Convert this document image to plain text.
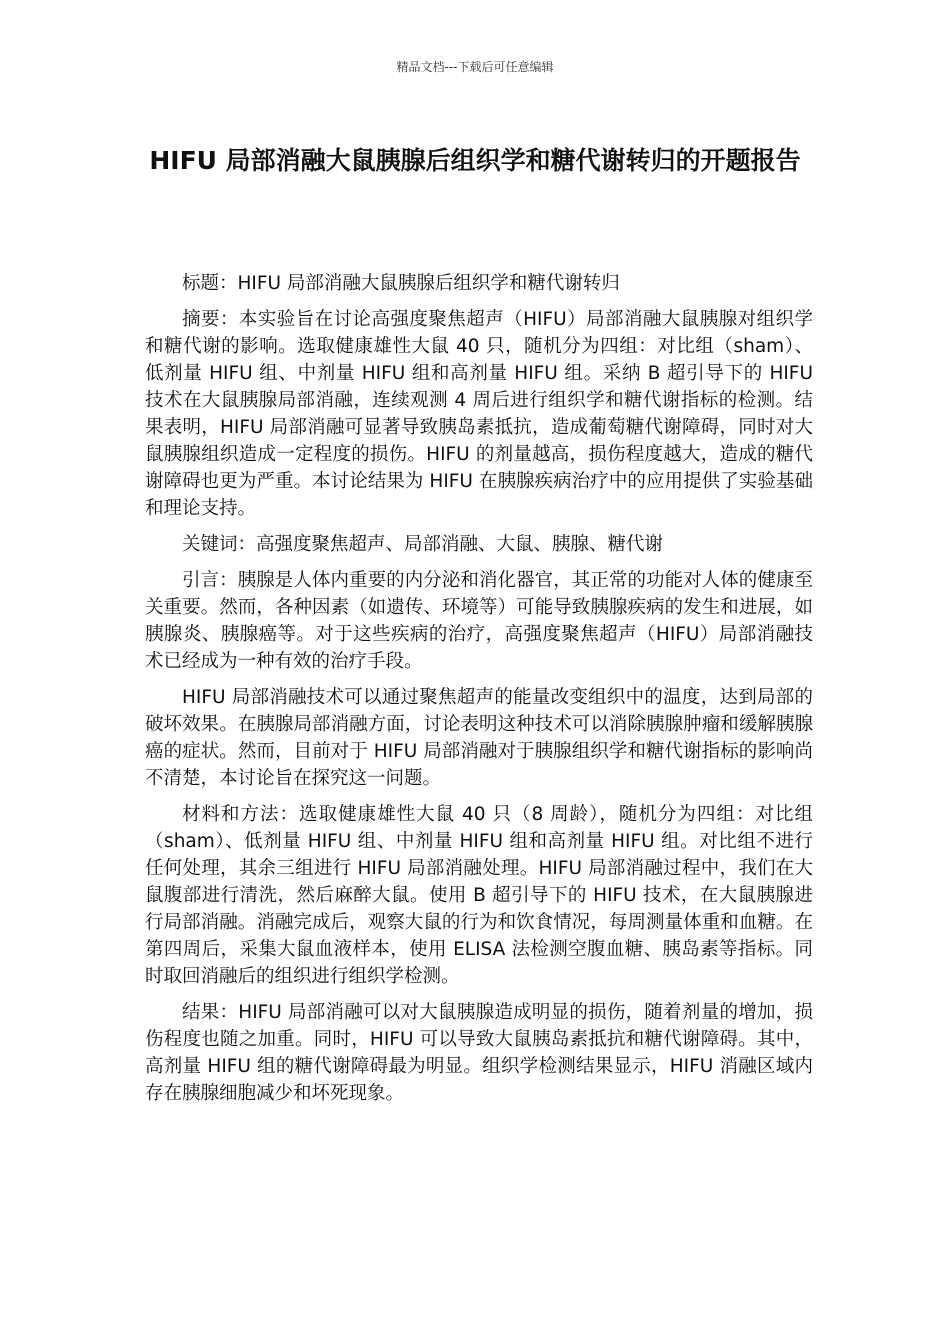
精品文档---下载后可任意编辑
HIFU 局部消融大鼠胰腺后组织学和糖代谢转归的开题报告

标题：HIFU 局部消融大鼠胰腺后组织学和糖代谢转归

摘要：本实验旨在讨论高强度聚焦超声（HIFU）局部消融大鼠胰腺对组织学和糖代谢的影响。选取健康雄性大鼠 40 只，随机分为四组：对比组（sham）、低剂量 HIFU 组、中剂量 HIFU 组和高剂量 HIFU 组。采纳 B 超引导下的 HIFU 技术在大鼠胰腺局部消融，连续观测 4 周后进行组织学和糖代谢指标的检测。结果表明，HIFU 局部消融可显著导致胰岛素抵抗，造成葡萄糖代谢障碍，同时对大鼠胰腺组织造成一定程度的损伤。HIFU 的剂量越高，损伤程度越大，造成的糖代谢障碍也更为严重。本讨论结果为 HIFU 在胰腺疾病治疗中的应用提供了实验基础和理论支持。

关键词：高强度聚焦超声、局部消融、大鼠、胰腺、糖代谢

引言：胰腺是人体内重要的内分泌和消化器官，其正常的功能对人体的健康至关重要。然而，各种因素（如遗传、环境等）可能导致胰腺疾病的发生和进展，如胰腺炎、胰腺癌等。对于这些疾病的治疗，高强度聚焦超声（HIFU）局部消融技术已经成为一种有效的治疗手段。

HIFU 局部消融技术可以通过聚焦超声的能量改变组织中的温度，达到局部的破坏效果。在胰腺局部消融方面，讨论表明这种技术可以消除胰腺肿瘤和缓解胰腺癌的症状。然而，目前对于 HIFU 局部消融对于胰腺组织学和糖代谢指标的影响尚不清楚，本讨论旨在探究这一问题。

材料和方法：选取健康雄性大鼠 40 只（8 周龄），随机分为四组：对比组（sham）、低剂量 HIFU 组、中剂量 HIFU 组和高剂量 HIFU 组。对比组不进行任何处理，其余三组进行 HIFU 局部消融处理。HIFU 局部消融过程中，我们在大鼠腹部进行清洗，然后麻醉大鼠。使用 B 超引导下的 HIFU 技术，在大鼠胰腺进行局部消融。消融完成后，观察大鼠的行为和饮食情况，每周测量体重和血糖。在第四周后，采集大鼠血液样本，使用 ELISA 法检测空腹血糖、胰岛素等指标。同时取回消融后的组织进行组织学检测。

结果：HIFU 局部消融可以对大鼠胰腺造成明显的损伤，随着剂量的增加，损伤程度也随之加重。同时，HIFU 可以导致大鼠胰岛素抵抗和糖代谢障碍。其中，高剂量 HIFU 组的糖代谢障碍最为明显。组织学检测结果显示，HIFU 消融区域内存在胰腺细胞减少和坏死现象。
